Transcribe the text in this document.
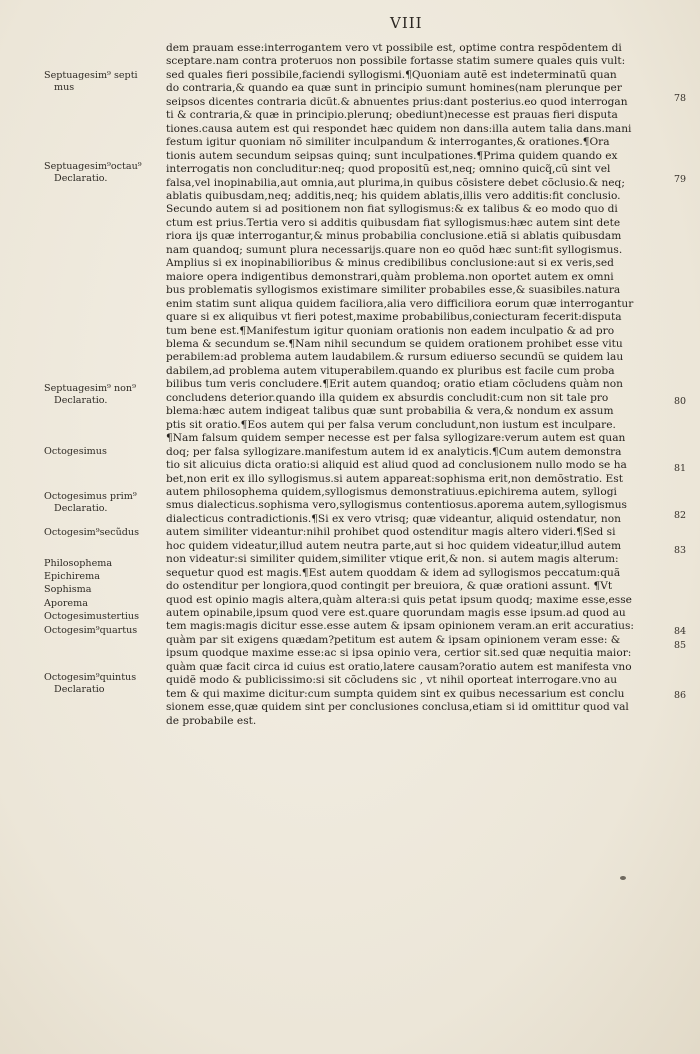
VIII
dem prauam esse:interrogantem vero vt possibile est, optime contra respõdentem di
sceptare.nam contra proteruos non possibile fortasse statim sumere quales quis vult:
sed quales fieri possibile,faciendi syllogismi.¶Quoniam autẽ est indeterminatũ quan
do contraria,& quando ea quæ sunt in principio sumunt homines(nam plerunque per
seipsos dicentes contraria dicũt.& abnuentes prius:dant posterius.eo quod interrogan
ti & contraria,& quæ in principio.plerunq; obediunt)necesse est prauas fieri disputa
tiones.causa autem est qui respondet hæc quidem non dans:illa autem talia dans.mani
festum igitur quoniam nõ similiter inculpandum & interrogantes,& orationes.¶Ora
tionis autem secundum seipsas quinq; sunt inculpationes.¶Prima quidem quando ex
interrogatis non concluditur:neq; quod propositũ est,neq; omnino quicq̃,cũ sint vel
falsa,vel inopinabilia,aut omnia,aut plurima,in quibus cõsistere debet cõclusio.& neq;
ablatis quibusdam,neq; additis,neq; his quidem ablatis,illis vero additis:fit conclusio.
Secundo autem si ad positionem non fiat syllogismus:& ex talibus & eo modo quo di
ctum est prius.Tertia vero si additis quibusdam fiat syllogismus:hæc autem sint dete
riora ijs quæ interrogantur,& minus probabilia conclusione.etiã si ablatis quibusdam
nam quandoq; sumunt plura necessarijs.quare non eo quõd hæc sunt:fit syllogismus.
Amplius si ex inopinabilioribus & minus credibilibus conclusione:aut si ex veris,sed
maiore opera indigentibus demonstrari,quàm problema.non oportet autem ex omni
bus problematis syllogismos existimare similiter probabiles esse,& suasibiles.natura
enim statim sunt aliqua quidem faciliora,alia vero difficiliora eorum quæ interrogantur
quare si ex aliquibus vt fieri potest,maxime probabilibus,coniecturam fecerit:disputa
tum bene est.¶Manifestum igitur quoniam orationis non eadem inculpatio & ad pro
blema & secundum se.¶Nam nihil secundum se quidem orationem prohibet esse vitu
perabilem:ad problema autem laudabilem.& rursum ediuerso secundũ se quidem lau
dabilem,ad problema autem vituperabilem.quando ex pluribus est facile cum proba
bilibus tum veris concludere.¶Erit autem quandoq; oratio etiam cõcludens quàm non
concludens deterior.quando illa quidem ex absurdis concludit:cum non sit tale pro
blema:hæc autem indigeat talibus quæ sunt probabilia & vera,& nondum ex assum
ptis sit oratio.¶Eos autem qui per falsa verum concludunt,non iustum est inculpare.
¶Nam falsum quidem semper necesse est per falsa syllogizare:verum autem est quan
doq; per falsa syllogizare.manifestum autem id ex analyticis.¶Cum autem demonstra
tio sit alicuius dicta oratio:si aliquid est aliud quod ad conclusionem nullo modo se ha
bet,non erit ex illo syllogismus.si autem appareat:sophisma erit,non demõstratio. Est
autem philosophema quidem,syllogismus demonstratiuus.epichirema autem, syllogi
smus dialecticus.sophisma vero,syllogismus contentiosus.aporema autem,syllogismus
dialecticus contradictionis.¶Si ex vero vtrisq; quæ videantur, aliquid ostendatur, non
autem similiter videantur:nihil prohibet quod ostenditur magis altero videri.¶Sed si
hoc quidem videatur,illud autem neutra parte,aut si hoc quidem videatur,illud autem
non videatur:si similiter quidem,similiter vtique erit,& non. si autem magis alterum:
sequetur quod est magis.¶Est autem quoddam & idem ad syllogismos peccatum:quã
do ostenditur per longiora,quod contingit per breuiora, & quæ orationi assunt. ¶Vt
quod est opinio magis altera,quàm altera:si quis petat ipsum quodq; maxime esse,esse
autem opinabile,ipsum quod vere est.quare quorundam magis esse ipsum.ad quod au
tem magis:magis dicitur esse.esse autem & ipsam opinionem veram.an erit accuratius:
quàm par sit exigens quædam?petitum est autem & ipsam opinionem veram esse: &
ipsum quodque maxime esse:ac si ipsa opinio vera, certior sit.sed quæ nequitia maior:
quàm quæ facit circa id cuius est oratio,latere causam?oratio autem est manifesta vno
quidẽ modo & publicissimo:si sit cõcludens sic , vt nihil oporteat interrogare.vno au
tem & qui maxime dicitur:cum sumpta quidem sint ex quibus necessarium est conclu
sionem esse,quæ quidem sint per conclusiones conclusa,etiam si id omittitur quod val
de probabile est.
Septuagesim⁹ septi
mus
Septuagesim⁹octau⁹
Declaratio.
Septuagesim⁹ non⁹
Declaratio.
Octogesimus
Octogesimus prim⁹
Declaratio.
Octogesim⁹secũdus
Philosophema
Epichirema
Sophisma
Aporema
Octogesimustertius
Octogesim⁹quartus
Octogesim⁹quintus
Declaratio
78
79
80
81
82
83
84
85
86
